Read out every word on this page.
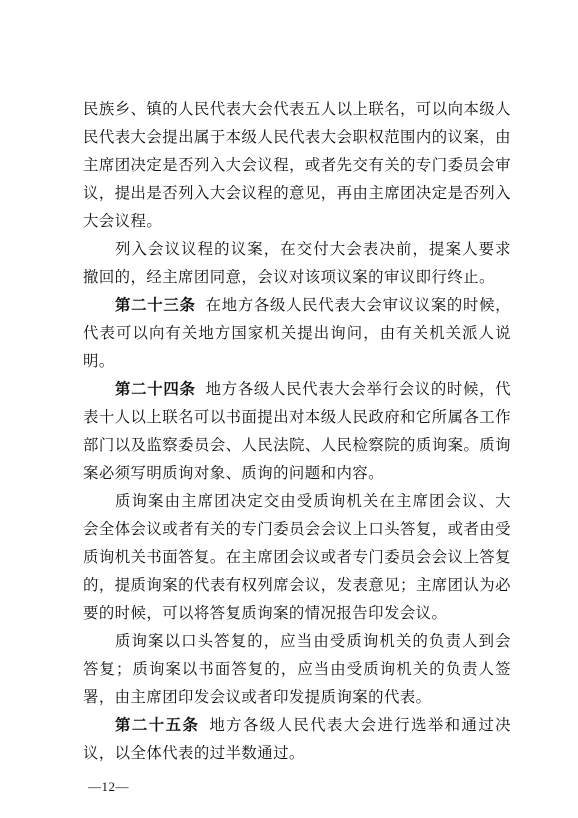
民族乡、镇的人民代表大会代表五人以上联名，可以向本级人民代表大会提出属于本级人民代表大会职权范围内的议案，由主席团决定是否列入大会议程，或者先交有关的专门委员会审议，提出是否列入大会议程的意见，再由主席团决定是否列入大会议程。

列入会议议程的议案，在交付大会表决前，提案人要求撤回的，经主席团同意，会议对该项议案的审议即行终止。

第二十三条 在地方各级人民代表大会审议议案的时候，代表可以向有关地方国家机关提出询问，由有关机关派人说明。

第二十四条 地方各级人民代表大会举行会议的时候，代表十人以上联名可以书面提出对本级人民政府和它所属各工作部门以及监察委员会、人民法院、人民检察院的质询案。质询案必须写明质询对象、质询的问题和内容。

质询案由主席团决定交由受质询机关在主席团会议、大会全体会议或者有关的专门委员会会议上口头答复，或者由受质询机关书面答复。在主席团会议或者专门委员会会议上答复的，提质询案的代表有权列席会议，发表意见；主席团认为必要的时候，可以将答复质询案的情况报告印发会议。

质询案以口头答复的，应当由受质询机关的负责人到会答复；质询案以书面答复的，应当由受质询机关的负责人签署，由主席团印发会议或者印发提质询案的代表。

第二十五条 地方各级人民代表大会进行选举和通过决议，以全体代表的过半数通过。

—12—
